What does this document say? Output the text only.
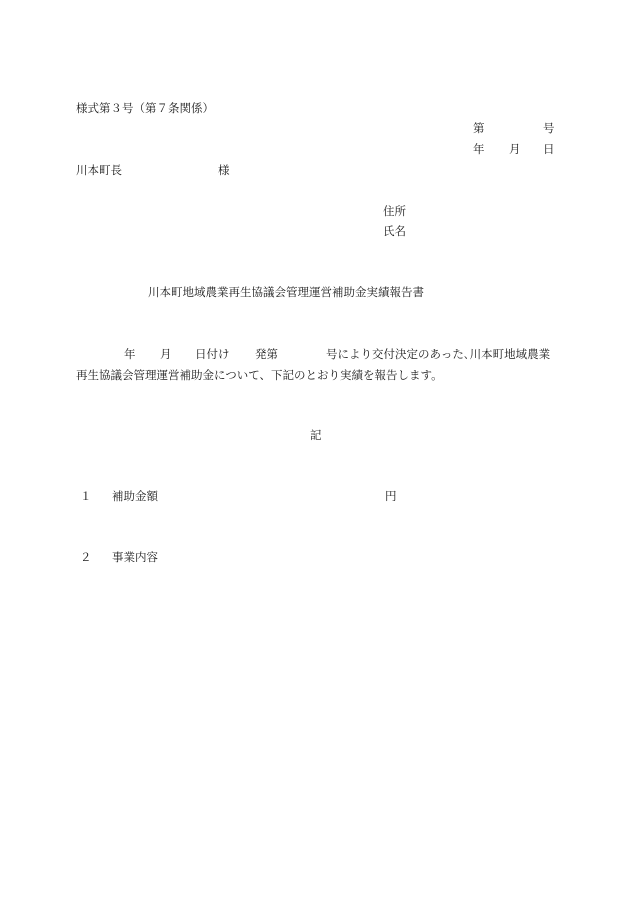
様式第３号（第７条関係）
第	号
年 月 日
川本町長	様
住所
氏名
川本町地域農業再生協議会管理運営補助金実績報告書
年 月 日付け 発第	号により交付決定のあった､川本町地域農業
再生協議会管理運営補助金について、下記のとおり実績を報告します。
記
１ 補助金額	円
２ 事業内容
